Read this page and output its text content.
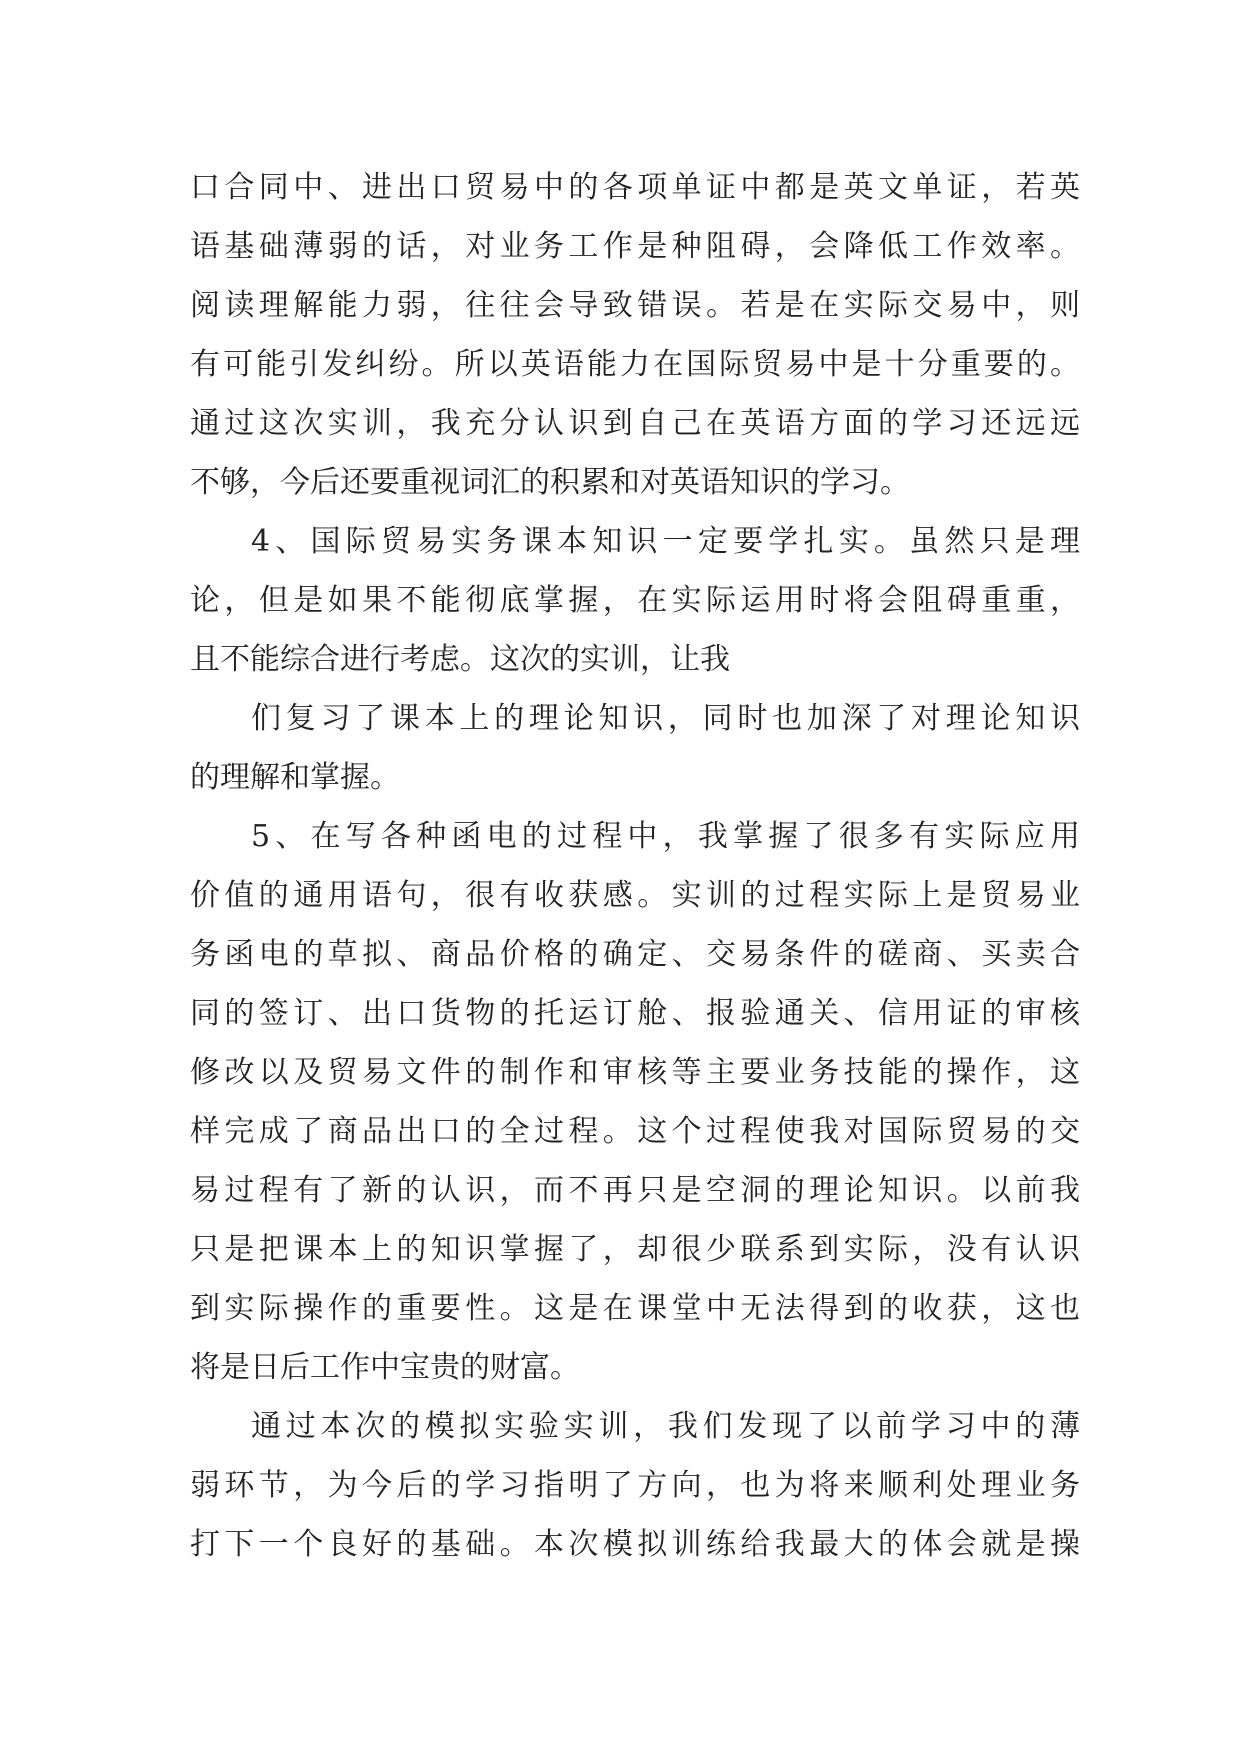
口合同中、进出口贸易中的各项单证中都是英文单证，若英
语基础薄弱的话，对业务工作是种阻碍，会降低工作效率。
阅读理解能力弱，往往会导致错误。若是在实际交易中，则
有可能引发纠纷。所以英语能力在国际贸易中是十分重要的。
通过这次实训，我充分认识到自己在英语方面的学习还远远
不够，今后还要重视词汇的积累和对英语知识的学习。
4、国际贸易实务课本知识一定要学扎实。虽然只是理
论，但是如果不能彻底掌握，在实际运用时将会阻碍重重，
且不能综合进行考虑。这次的实训，让我
们复习了课本上的理论知识，同时也加深了对理论知识
的理解和掌握。
5、在写各种函电的过程中，我掌握了很多有实际应用
价值的通用语句，很有收获感。实训的过程实际上是贸易业
务函电的草拟、商品价格的确定、交易条件的磋商、买卖合
同的签订、出口货物的托运订舱、报验通关、信用证的审核
修改以及贸易文件的制作和审核等主要业务技能的操作，这
样完成了商品出口的全过程。这个过程使我对国际贸易的交
易过程有了新的认识，而不再只是空洞的理论知识。以前我
只是把课本上的知识掌握了，却很少联系到实际，没有认识
到实际操作的重要性。这是在课堂中无法得到的收获，这也
将是日后工作中宝贵的财富。
通过本次的模拟实验实训，我们发现了以前学习中的薄
弱环节，为今后的学习指明了方向，也为将来顺利处理业务
打下一个良好的基础。本次模拟训练给我最大的体会就是操
